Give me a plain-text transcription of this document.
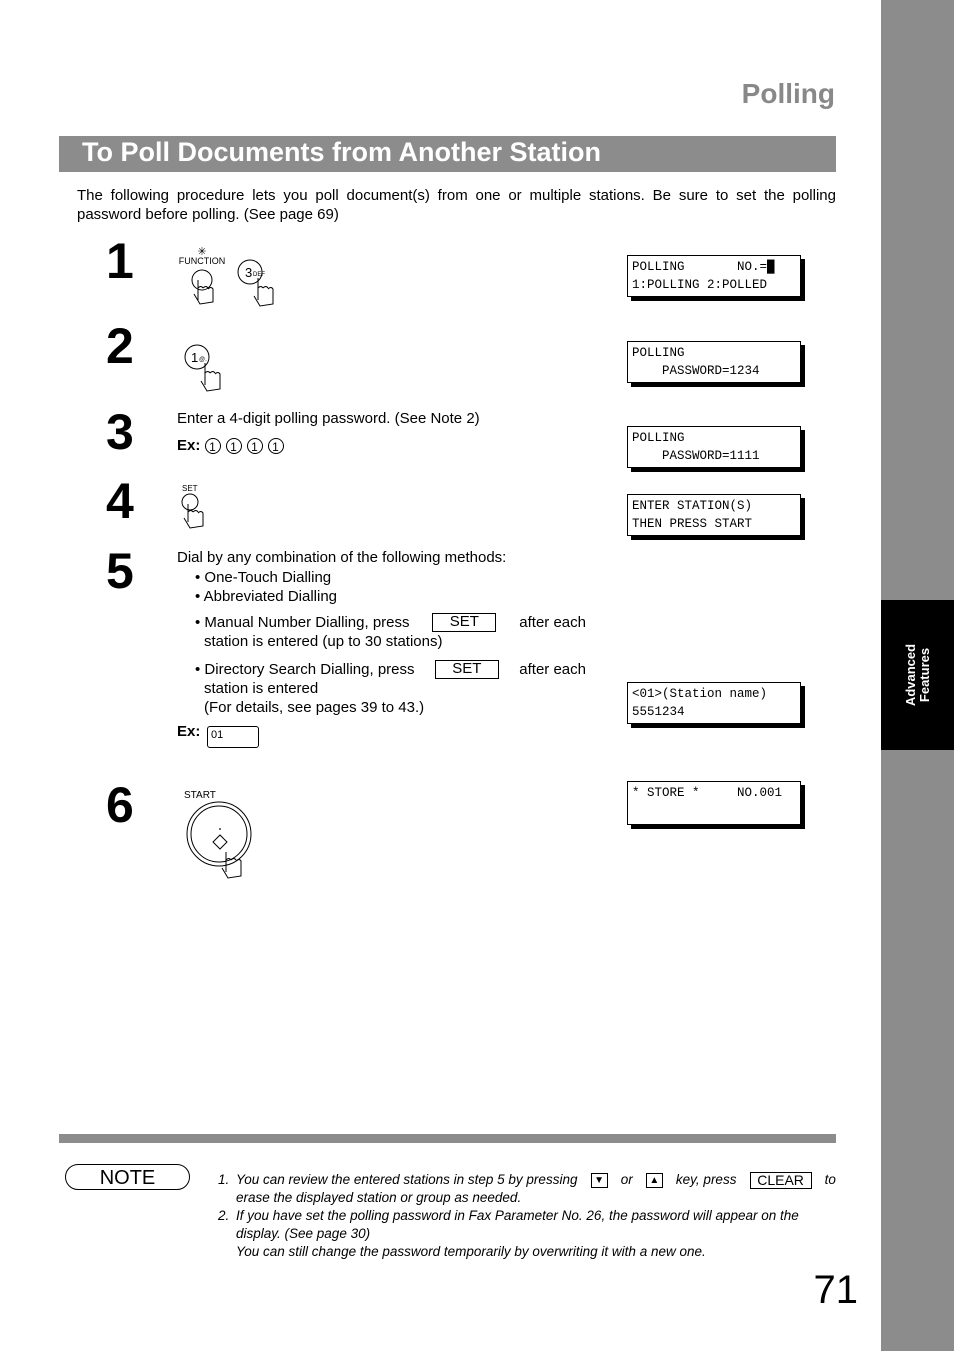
Advanced
Features
Polling
To Poll Documents from Another Station
The following procedure lets you poll document(s) from one or multiple stations. Be sure to set the polling password before polling. (See page 69)
1	✳
FUNCTION
3 DEF
POLLING       NO.=█
1:POLLING 2:POLLED
2	1 @.	POLLING
PASSWORD=1234
3	Enter a 4-digit polling password. (See Note 2)
Ex: 1 1 1 1
POLLING
PASSWORD=1111
4	SET
ENTER STATION(S)
THEN PRESS START
5	Dial by any combination of the following methods:
• One-Touch Dialling
• Abbreviated Dialling
• Manual Number Dialling, press	SET	after each
station is entered (up to 30 stations)
• Directory Search Dialling, press	SET	after each
station is entered
(For details, see pages 39 to 43.)
Ex: 01
<01>(Station name)
5551234
6	START	* STORE *     NO.001
NOTE	1. You can review the entered stations in step 5 by pressing	▼ or	▲ key, press	CLEAR	to
erase the displayed station or group as needed.
2. If you have set the polling password in Fax Parameter No. 26, the password will appear on the
display. (See page 30)
You can still change the password temporarily by overwriting it with a new one.
71
